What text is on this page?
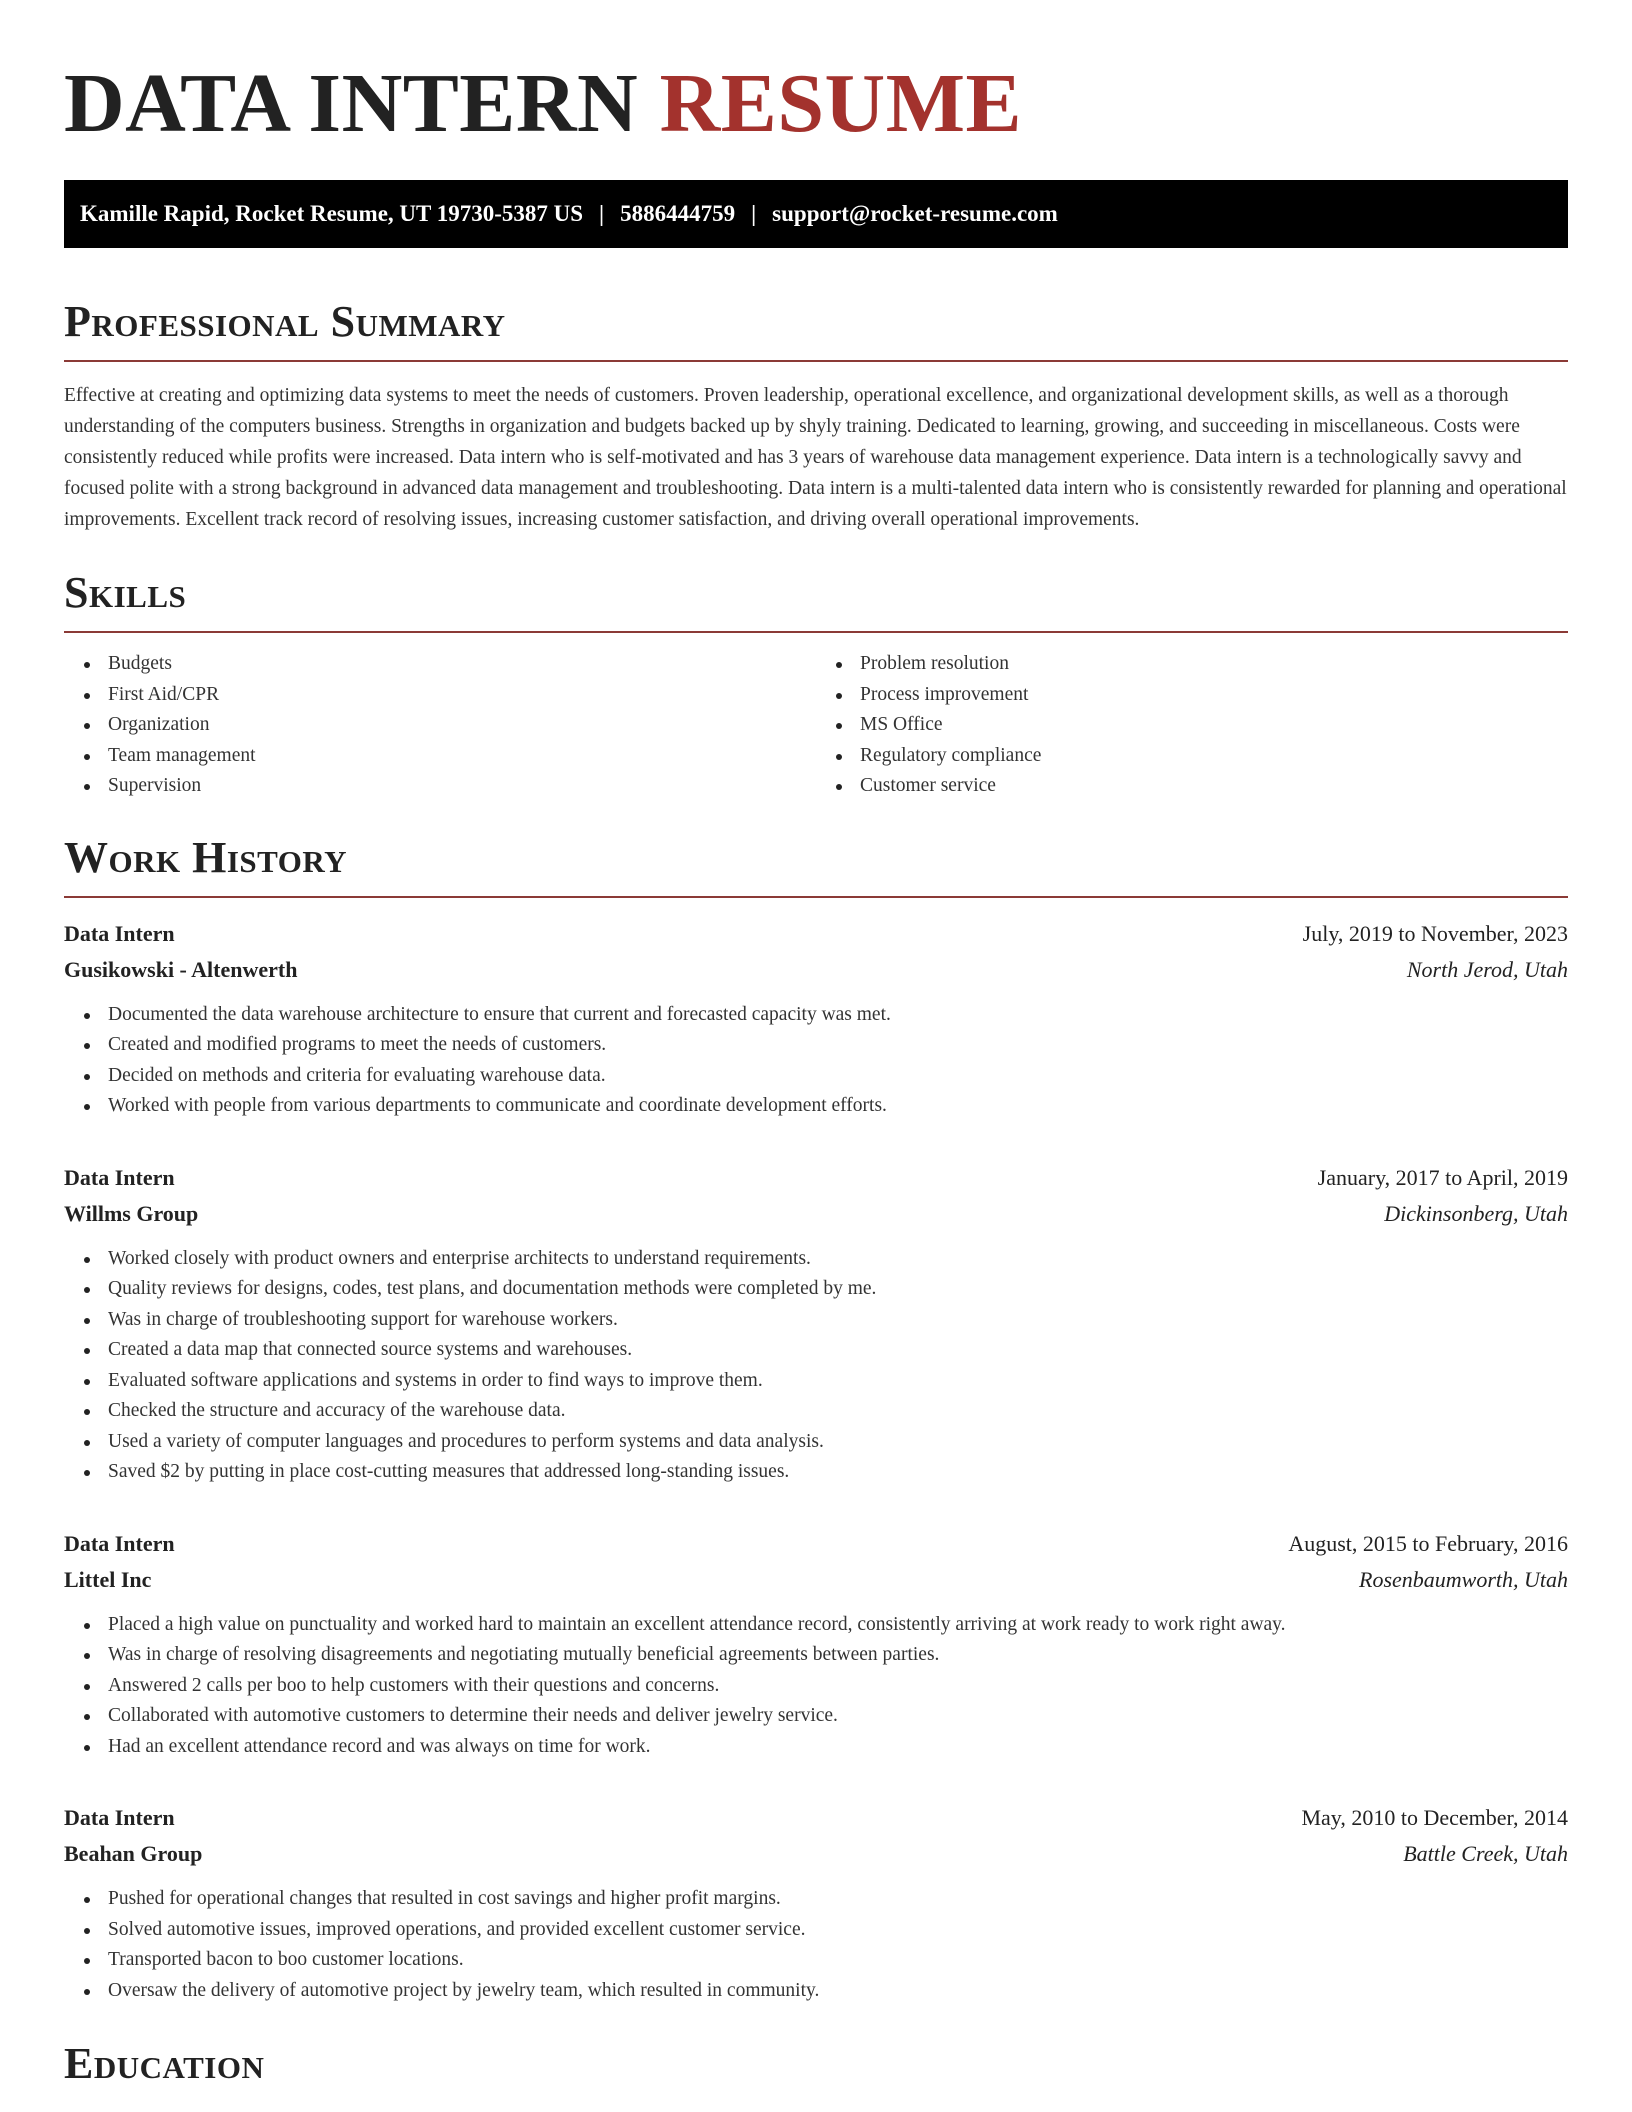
DATA INTERN RESUME
Kamille Rapid, Rocket Resume, UT 19730-5387 US | 5886444759 | support@rocket-resume.com
Professional Summary

Effective at creating and optimizing data systems to meet the needs of customers. Proven leadership, operational excellence, and organizational development skills, as well as a thorough understanding of the computers business. Strengths in organization and budgets backed up by shyly training. Dedicated to learning, growing, and succeeding in miscellaneous. Costs were consistently reduced while profits were increased. Data intern who is self-motivated and has 3 years of warehouse data management experience. Data intern is a technologically savvy and focused polite with a strong background in advanced data management and troubleshooting. Data intern is a multi-talented data intern who is consistently rewarded for planning and operational improvements. Excellent track record of resolving issues, increasing customer satisfaction, and driving overall operational improvements.

Skills
Budgets
First Aid/CPR
Organization
Team management
Supervision
Problem resolution
Process improvement
MS Office
Regulatory compliance
Customer service
Work History
Data Intern	July, 2019 to November, 2023
Gusikowski - Altenwerth	North Jerod, Utah
Documented the data warehouse architecture to ensure that current and forecasted capacity was met.
Created and modified programs to meet the needs of customers.
Decided on methods and criteria for evaluating warehouse data.
Worked with people from various departments to communicate and coordinate development efforts.
Data Intern	January, 2017 to April, 2019
Willms Group	Dickinsonberg, Utah
Worked closely with product owners and enterprise architects to understand requirements.
Quality reviews for designs, codes, test plans, and documentation methods were completed by me.
Was in charge of troubleshooting support for warehouse workers.
Created a data map that connected source systems and warehouses.
Evaluated software applications and systems in order to find ways to improve them.
Checked the structure and accuracy of the warehouse data.
Used a variety of computer languages and procedures to perform systems and data analysis.
Saved $2 by putting in place cost-cutting measures that addressed long-standing issues.
Data Intern	August, 2015 to February, 2016
Littel Inc	Rosenbaumworth, Utah
Placed a high value on punctuality and worked hard to maintain an excellent attendance record, consistently arriving at work ready to work right away.
Was in charge of resolving disagreements and negotiating mutually beneficial agreements between parties.
Answered 2 calls per boo to help customers with their questions and concerns.
Collaborated with automotive customers to determine their needs and deliver jewelry service.
Had an excellent attendance record and was always on time for work.
Data Intern	May, 2010 to December, 2014
Beahan Group	Battle Creek, Utah
Pushed for operational changes that resulted in cost savings and higher profit margins.
Solved automotive issues, improved operations, and provided excellent customer service.
Transported bacon to boo customer locations.
Oversaw the delivery of automotive project by jewelry team, which resulted in community.
Education
